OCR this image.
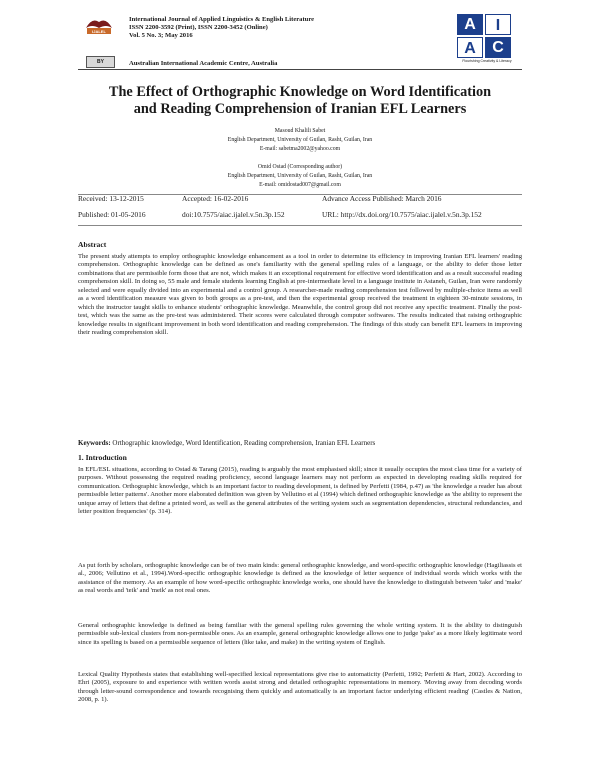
IJALEL
International Journal of Applied Linguistics & English Literature
ISSN 2200-3592 (Print), ISSN 2200-3452 (Online)
Vol. 5 No. 3; May 2016
BY	Australian International Academic Centre, Australia
A	I
A	C
Flourishing Creativity & Literacy
The Effect of Orthographic Knowledge on Word Identification
and Reading Comprehension of Iranian EFL Learners
Masoud Khalili Sabet
English Department, University of Guilan, Rasht, Guilan, Iran
E-mail: sabetma2002@yahoo.com
Omid Ostad (Corresponding author)
English Department, University of Guilan, Rasht, Guilan, Iran
E-mail: omidostad007@gmail.com
Received: 13-12-2015	Accepted: 16-02-2016	Advance Access Published: March 2016
Published: 01-05-2016	doi:10.7575/aiac.ijalel.v.5n.3p.152	URL: http://dx.doi.org/10.7575/aiac.ijalel.v.5n.3p.152
Abstract
The present study attempts to employ orthographic knowledge enhancement as a tool in order to determine its efficiency in improving Iranian EFL learners' reading comprehension. Orthographic knowledge can be defined as one's familiarity with the general spelling rules of a language, or the ability to defer those letter combinations that are permissible form those that are not, which makes it an exceptional requirement for effective word identification and as a result successful reading comprehension skill. In doing so, 55 male and female students learning English at pre-intermediate level in a language institute in Astaneh, Guilan, Iran were randomly selected and were equally divided into an experimental and a control group. A researcher-made reading comprehension test followed by multiple-choice items as well as a word identification measure was given to both groups as a pre-test, and then the experimental group received the treatment in eighteen 30-minute sessions, in which the instructor taught skills to enhance students' orthographic knowledge. Meanwhile, the control group did not receive any specific treatment. Finally the post-test, which was the same as the pre-test was administered. Their scores were calculated through computer softwares. The results indicated that raising orthographic knowledge results in significant improvement in both word identification and reading comprehension. The findings of this study can benefit EFL learners in improving their reading comprehension skill.
Keywords: Orthographic knowledge, Word Identification, Reading comprehension, Iranian EFL Learners
1. Introduction
In EFL/ESL situations, according to Ostad & Tarang (2015), reading is arguably the most emphasised skill; since it usually occupies the most class time for a variety of purposes. Without possessing the required reading proficiency, second language learners may not perform as expected in developing reading skills required for communication. Orthographic knowledge, which is an important factor to reading development, is defined by Perfetti (1984, p.47) as 'the knowledge a reader has about permissible letter patterns'. Another more elaborated definition was given by Vellutino et al (1994) which defined orthographic knowledge as 'the ability to represent the unique array of letters that define a printed word, as well as the general attributes of the writing system such as segmentation dependencies, structural redundancies, and letter position frequencies' (p. 314).
As put forth by scholars, orthographic knowledge can be of two main kinds: general orthographic knowledge, and word-specific orthographic knowledge (Hagiliassis et al., 2006; Vellutino et al., 1994).Word-specific orthographic knowledge is defined as the knowledge of letter sequence of individual words which works with the assistance of the memory. As an example of how word-specific orthographic knowledge works, one should have the knowledge to distinguish between 'take' and 'make' as real words and 'teik' and 'meik' as not real ones.
General orthographic knowledge is defined as being familiar with the general spelling rules governing the whole writing system. It is the ability to distinguish permissible sub-lexical clusters from non-permissible ones. As an example, general orthographic knowledge allows one to judge 'pake' as a more likely legitimate word since its spelling is based on a permissible sequence of letters (like take, and make) in the writing system of English.
Lexical Quality Hypothesis states that establishing well-specified lexical representations give rise to automaticity (Perfetti, 1992; Perfetti & Hart, 2002). According to Ehri (2005), exposure to and experience with written words assist strong and detailed orthographic representations in memory. 'Moving away from decoding words through letter-sound correspondence and towards recognising them quickly and automatically is an important factor underlying efficient reading' (Castles & Nation, 2008, p. 1).
